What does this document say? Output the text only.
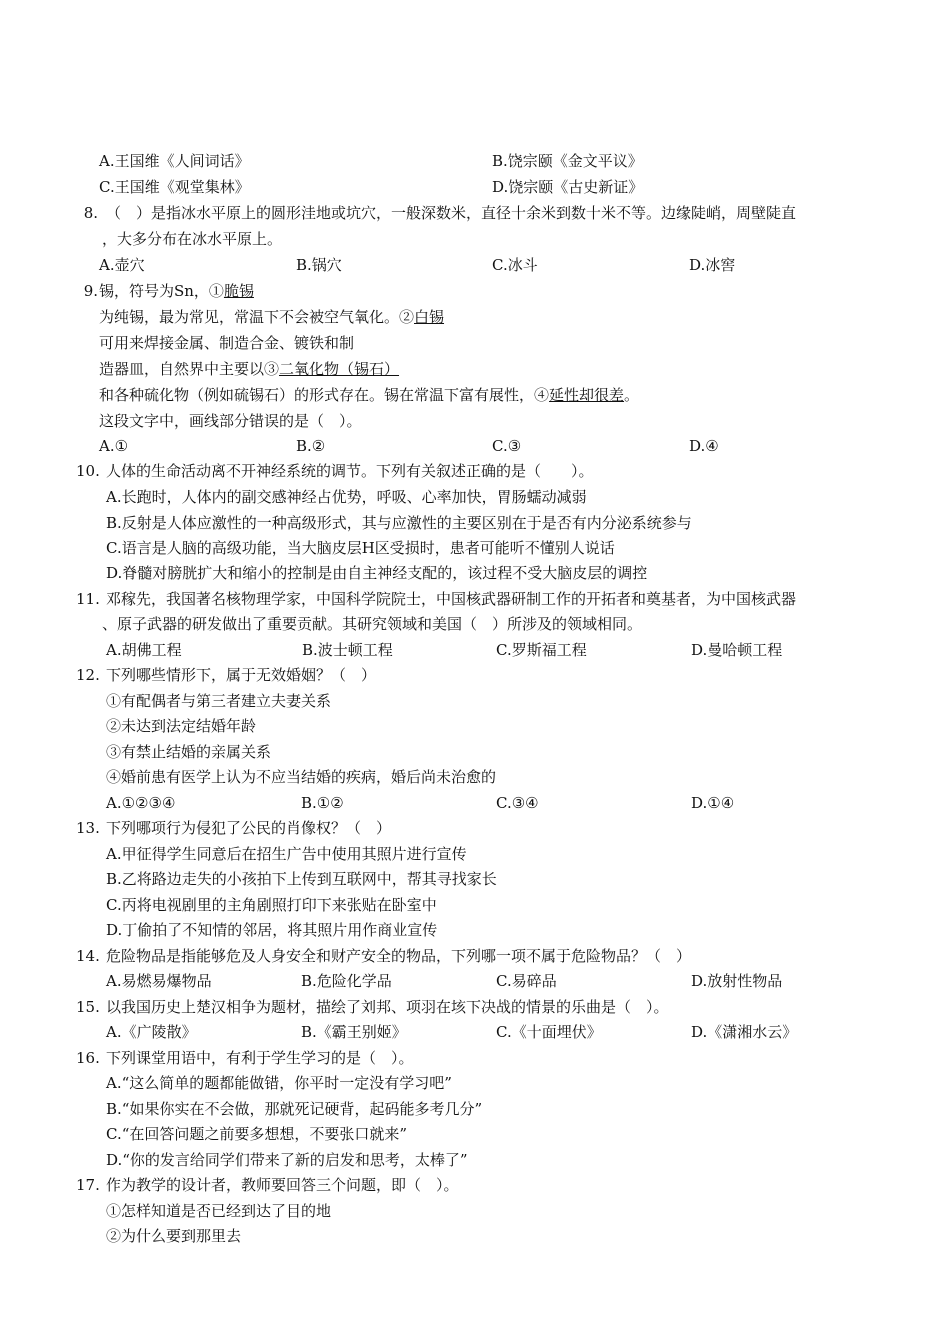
A.王国维《人间词话》	B.饶宗颐《金文平议》
C.王国维《观堂集林》	D.饶宗颐《古史新证》
8. （　）是指冰水平原上的圆形洼地或坑穴，一般深数米，直径十余米到数十米不等。边缘陡峭，周壁陡直
，大多分布在冰水平原上。
A.壶穴	B.锅穴	C.冰斗	D.冰窖
9. 锡，符号为Sn，①脆锡
为纯锡，最为常见，常温下不会被空气氧化。②白锡
可用来焊接金属、制造合金、镀铁和制
造器皿，自然界中主要以③二氧化物（锡石）
和各种硫化物（例如硫锡石）的形式存在。锡在常温下富有展性，④延性却很差。
这段文字中，画线部分错误的是（　）。
A.①	B.②	C.③	D.④
10. 人体的生命活动离不开神经系统的调节。下列有关叙述正确的是（　　）。
A.长跑时，人体内的副交感神经占优势，呼吸、心率加快，胃肠蠕动减弱
B.反射是人体应激性的一种高级形式，其与应激性的主要区别在于是否有内分泌系统参与
C.语言是人脑的高级功能，当大脑皮层H区受损时，患者可能听不懂别人说话
D.脊髓对膀胱扩大和缩小的控制是由自主神经支配的，该过程不受大脑皮层的调控
11. 邓稼先，我国著名核物理学家，中国科学院院士，中国核武器研制工作的开拓者和奠基者，为中国核武器
、原子武器的研发做出了重要贡献。其研究领域和美国（　）所涉及的领域相同。
A.胡佛工程	B.波士顿工程	C.罗斯福工程	D.曼哈顿工程
12. 下列哪些情形下，属于无效婚姻？（　）
①有配偶者与第三者建立夫妻关系
②未达到法定结婚年龄
③有禁止结婚的亲属关系
④婚前患有医学上认为不应当结婚的疾病，婚后尚未治愈的
A.①②③④	B.①②	C.③④	D.①④
13. 下列哪项行为侵犯了公民的肖像权？（　）
A.甲征得学生同意后在招生广告中使用其照片进行宣传
B.乙将路边走失的小孩拍下上传到互联网中，帮其寻找家长
C.丙将电视剧里的主角剧照打印下来张贴在卧室中
D.丁偷拍了不知情的邻居，将其照片用作商业宣传
14. 危险物品是指能够危及人身安全和财产安全的物品，下列哪一项不属于危险物品？（　）
A.易燃易爆物品	B.危险化学品	C.易碎品	D.放射性物品
15. 以我国历史上楚汉相争为题材，描绘了刘邦、项羽在垓下决战的情景的乐曲是（　）。
A.《广陵散》	B.《霸王别姬》	C.《十面埋伏》	D.《潇湘水云》
16. 下列课堂用语中，有利于学生学习的是（　）。
A.“这么简单的题都能做错，你平时一定没有学习吧”
B.“如果你实在不会做，那就死记硬背，起码能多考几分”
C.“在回答问题之前要多想想，不要张口就来”
D.“你的发言给同学们带来了新的启发和思考，太棒了”
17. 作为教学的设计者，教师要回答三个问题，即（　）。
①怎样知道是否已经到达了目的地
②为什么要到那里去
